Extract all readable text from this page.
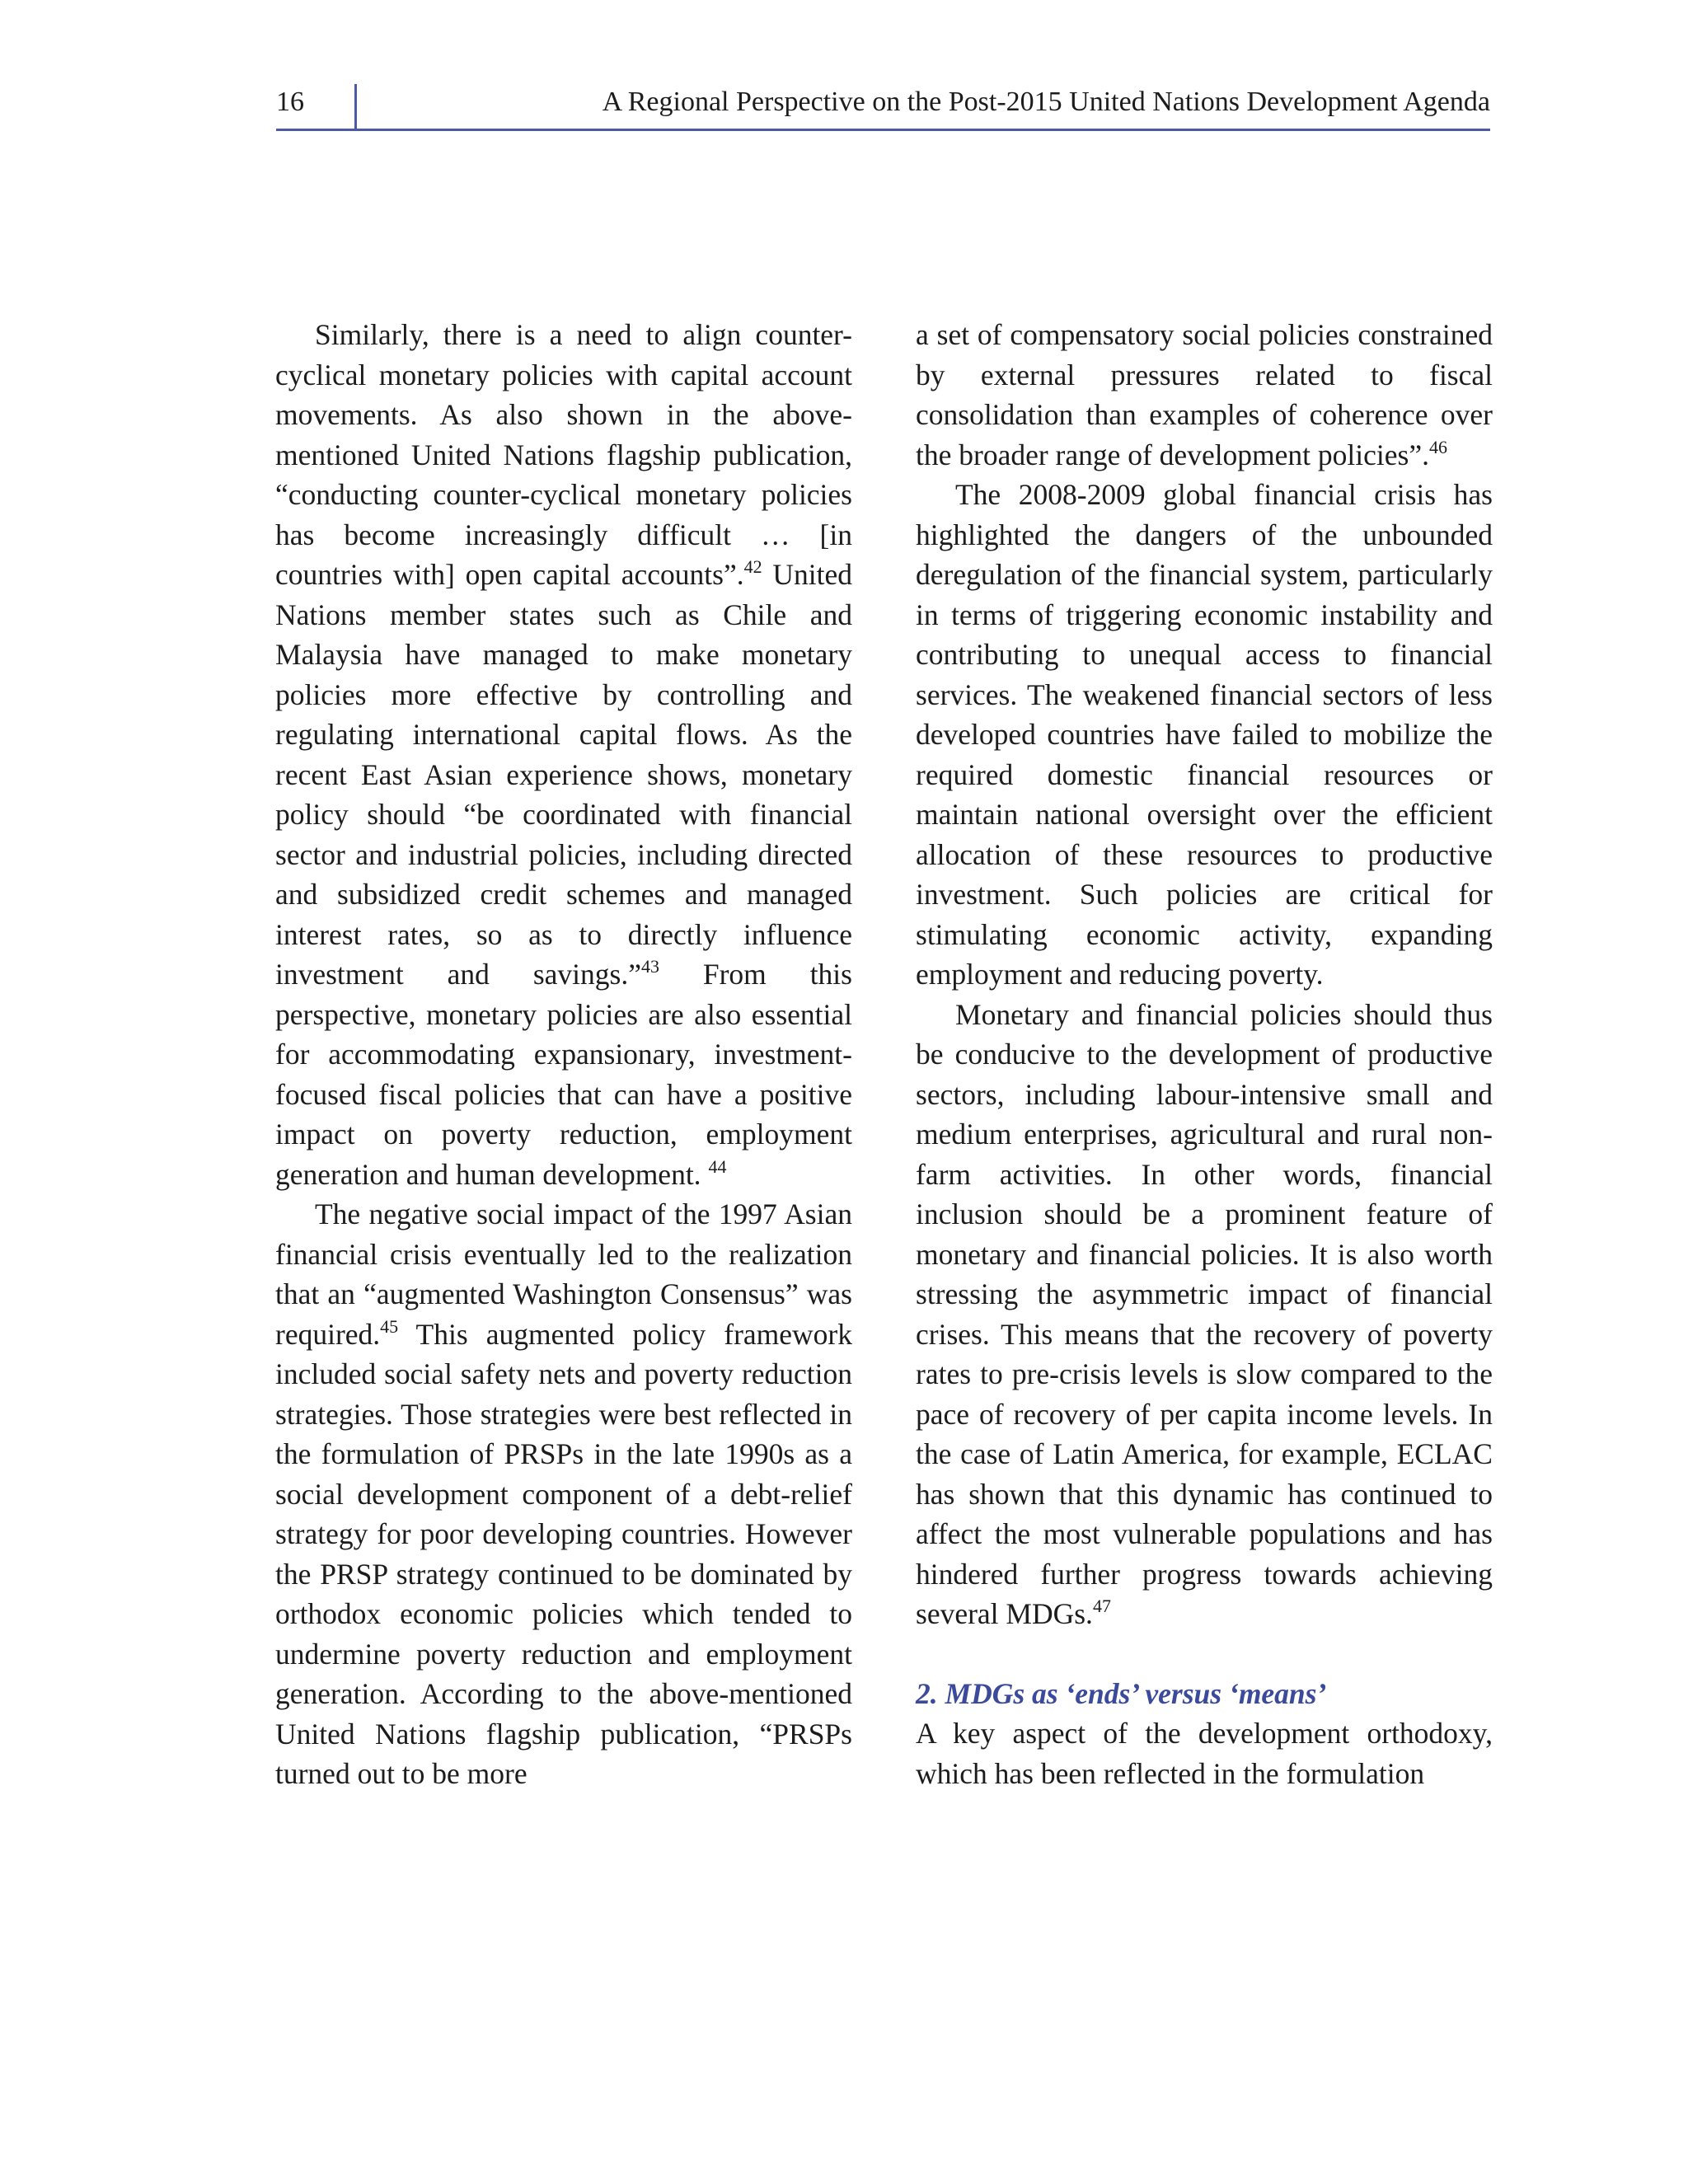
16	A Regional Perspective on the Post-2015 United Nations Development Agenda

Similarly, there is a need to align counter-cyclical monetary policies with capital account movements. As also shown in the above-mentioned United Nations flagship publication, “conducting counter-cyclical monetary policies has become increasingly difficult … [in countries with] open capital accounts”.$^{42}$ United Nations member states such as Chile and Malaysia have managed to make monetary policies more effective by controlling and regulating international capital flows. As the recent East Asian experience shows, monetary policy should “be coordinated with financial sector and industrial policies, including directed and subsidized credit schemes and managed interest rates, so as to directly influence investment and savings.”$^{43}$ From this perspective, monetary policies are also essential for accommodating expansionary, investment-focused fiscal policies that can have a positive impact on poverty reduction, employment generation and human development. $^{44}$

The negative social impact of the 1997 Asian financial crisis eventually led to the realization that an “augmented Washington Consensus” was required.$^{45}$ This augmented policy framework included social safety nets and poverty reduction strategies. Those strategies were best reflected in the formulation of PRSPs in the late 1990s as a social development component of a debt-relief strategy for poor developing countries. However the PRSP strategy continued to be dominated by orthodox economic policies which tended to undermine poverty reduction and employment generation. According to the above-mentioned United Nations flagship publication, “PRSPs turned out to be more

a set of compensatory social policies constrained by external pressures related to fiscal consolidation than examples of coherence over the broader range of development policies”.$^{46}$

The 2008-2009 global financial crisis has highlighted the dangers of the unbounded deregulation of the financial system, particularly in terms of triggering economic instability and contributing to unequal access to financial services. The weakened financial sectors of less developed countries have failed to mobilize the required domestic financial resources or maintain national oversight over the efficient allocation of these resources to productive investment. Such policies are critical for stimulating economic activity, expanding employment and reducing poverty.

Monetary and financial policies should thus be conducive to the development of productive sectors, including labour-intensive small and medium enterprises, agricultural and rural non-farm activities. In other words, financial inclusion should be a prominent feature of monetary and financial policies. It is also worth stressing the asymmetric impact of financial crises. This means that the recovery of poverty rates to pre-crisis levels is slow compared to the pace of recovery of per capita income levels. In the case of Latin America, for example, ECLAC has shown that this dynamic has continued to affect the most vulnerable populations and has hindered further progress towards achieving several MDGs.$^{47}$

2. MDGs as ‘ends’ versus ‘means’

A key aspect of the development orthodoxy, which has been reflected in the formulation
